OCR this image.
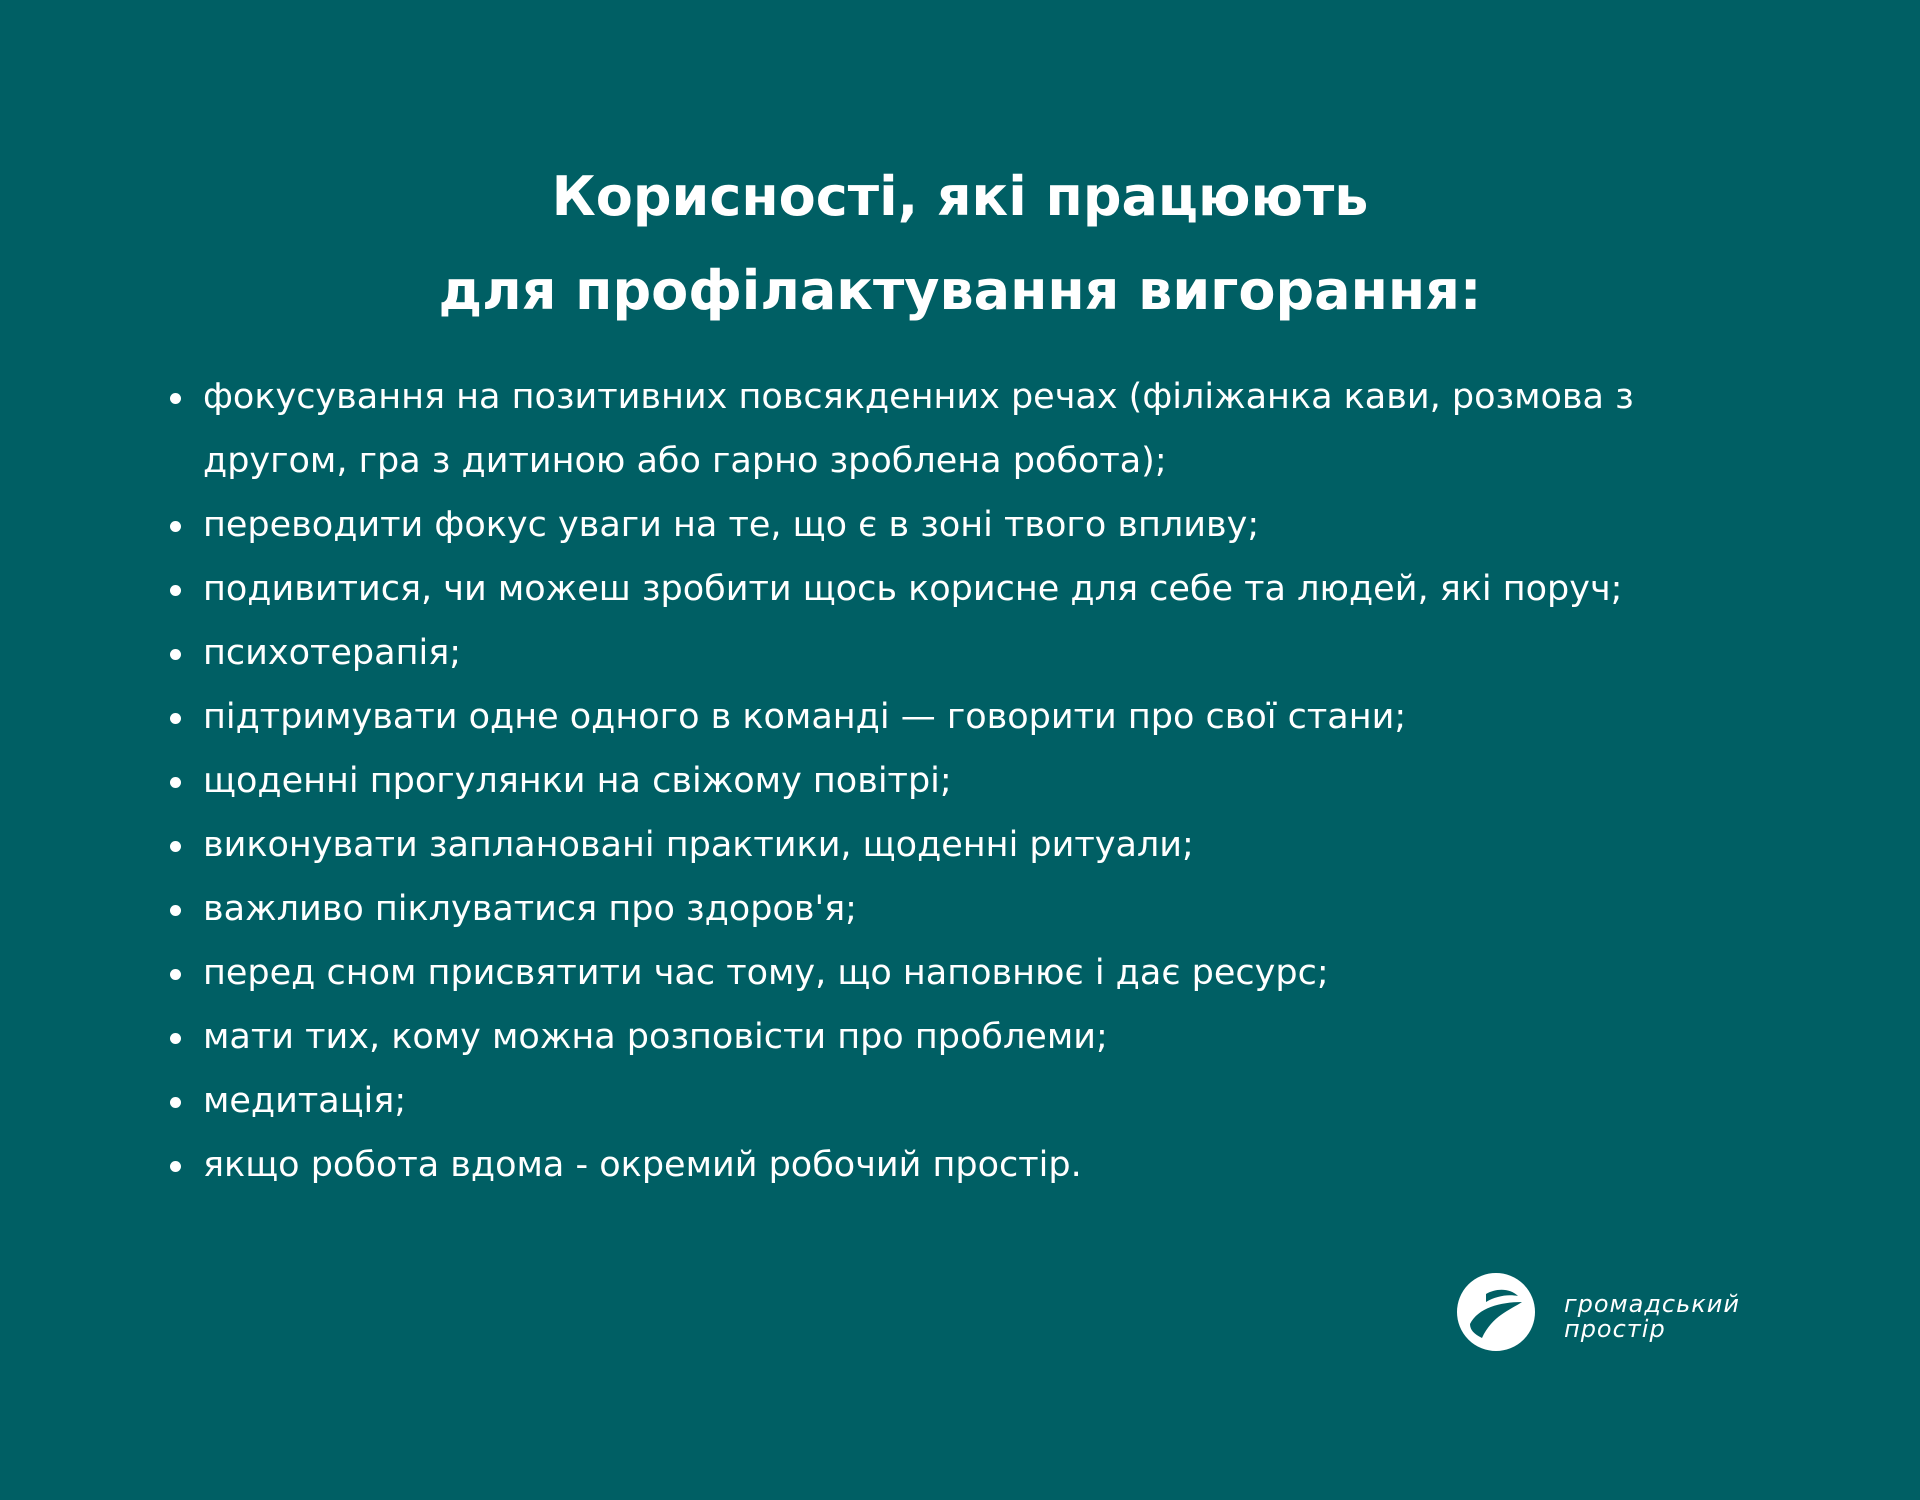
Корисності, які працюють
для профілактування вигорання:
фокусування на позитивних повсякденних речах (філіжанка кави, розмова з другом, гра з дитиною або гарно зроблена робота);
переводити фокус уваги на те, що є в зоні твого впливу;
подивитися, чи можеш зробити щось корисне для себе та людей, які поруч;
психотерапія;
підтримувати одне одного в команді — говорити про свої стани;
щоденні прогулянки на свіжому повітрі;
виконувати заплановані практики, щоденні ритуали;
важливо піклуватися про здоров'я;
перед сном присвятити час тому, що наповнює і дає ресурс;
мати тих, кому можна розповісти про проблеми;
медитація;
якщо робота вдома - окремий робочий простір.
громадський
простір
